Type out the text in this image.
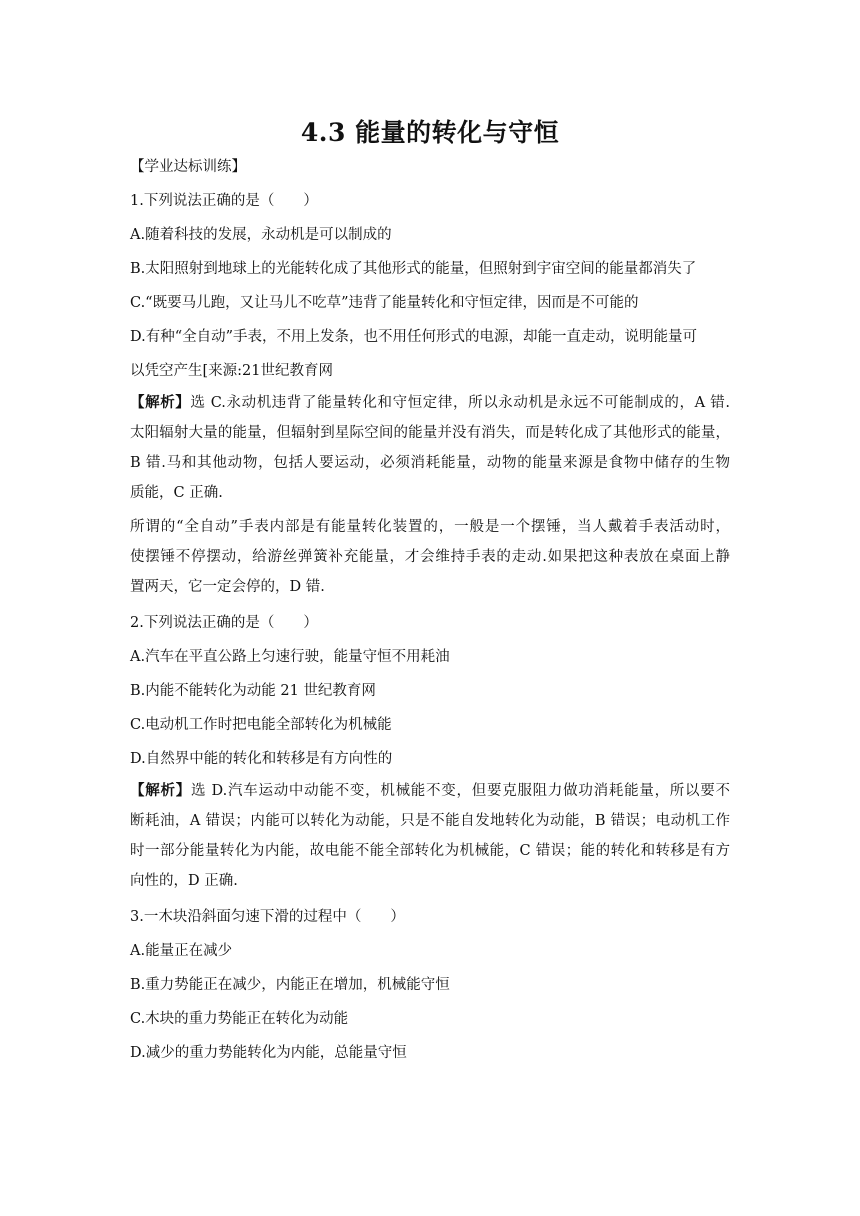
4.3 能量的转化与守恒
【学业达标训练】
1.下列说法正确的是（　　）
A.随着科技的发展，永动机是可以制成的
B.太阳照射到地球上的光能转化成了其他形式的能量，但照射到宇宙空间的能量都消失了
C.“既要马儿跑，又让马儿不吃草”违背了能量转化和守恒定律，因而是不可能的
D.有种“全自动”手表，不用上发条，也不用任何形式的电源，却能一直走动，说明能量可
以凭空产生[来源:21世纪教育网
【解析】选 C.永动机违背了能量转化和守恒定律，所以永动机是永远不可能制成的，A 错.
太阳辐射大量的能量，但辐射到星际空间的能量并没有消失，而是转化成了其他形式的能量，
B 错.马和其他动物，包括人要运动，必须消耗能量，动物的能量来源是食物中储存的生物
质能，C 正确.
所谓的“全自动”手表内部是有能量转化装置的，一般是一个摆锤，当人戴着手表活动时，
使摆锤不停摆动，给游丝弹簧补充能量，才会维持手表的走动.如果把这种表放在桌面上静
置两天，它一定会停的，D 错.
2.下列说法正确的是（　　）
A.汽车在平直公路上匀速行驶，能量守恒不用耗油
B.内能不能转化为动能 21 世纪教育网
C.电动机工作时把电能全部转化为机械能
D.自然界中能的转化和转移是有方向性的
【解析】选 D.汽车运动中动能不变，机械能不变，但要克服阻力做功消耗能量，所以要不
断耗油，A 错误；内能可以转化为动能，只是不能自发地转化为动能，B 错误；电动机工作
时一部分能量转化为内能，故电能不能全部转化为机械能，C 错误；能的转化和转移是有方
向性的，D 正确.
3.一木块沿斜面匀速下滑的过程中（　　）
A.能量正在减少
B.重力势能正在减少，内能正在增加，机械能守恒
C.木块的重力势能正在转化为动能
D.减少的重力势能转化为内能，总能量守恒
